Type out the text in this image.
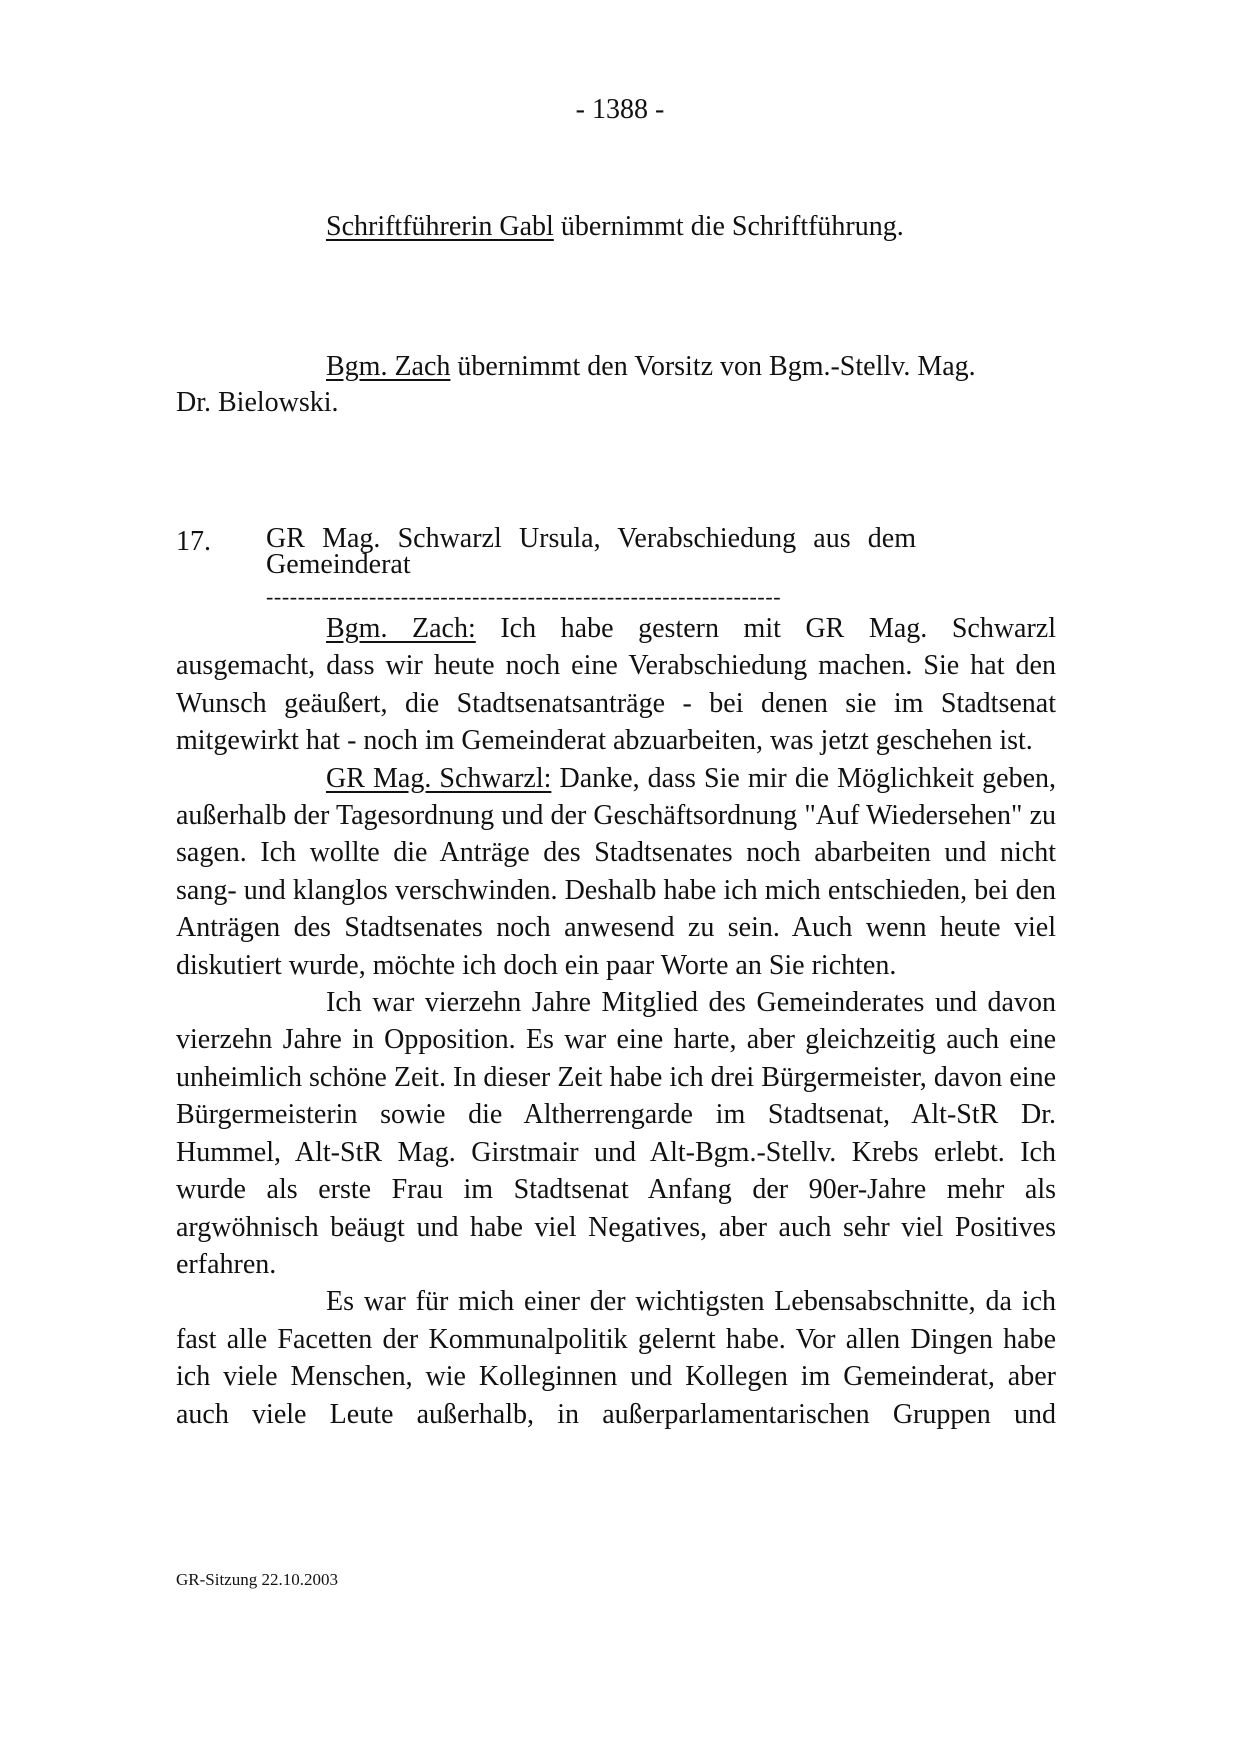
- 1388 -
Schriftführerin Gabl übernimmt die Schriftführung.
Bgm. Zach übernimmt den Vorsitz von Bgm.-Stellv. Mag.
Dr. Bielowski.
17. GR Mag. Schwarzl Ursula, Verabschiedung aus dem
Gemeinderat
-----------------------------------------------------------------

Bgm. Zach: Ich habe gestern mit GR Mag. Schwarzl ausgemacht, dass wir heute noch eine Verabschiedung machen. Sie hat den Wunsch geäußert, die Stadtsenatsanträge - bei denen sie im Stadtsenat mitgewirkt hat - noch im Gemeinderat abzuarbeiten, was jetzt geschehen ist.

GR Mag. Schwarzl: Danke, dass Sie mir die Möglichkeit geben, außerhalb der Tagesordnung und der Geschäftsordnung "Auf Wiedersehen" zu sagen. Ich wollte die Anträge des Stadtsenates noch abarbeiten und nicht sang- und klanglos verschwinden. Deshalb habe ich mich entschieden, bei den Anträgen des Stadtsenates noch anwesend zu sein. Auch wenn heute viel diskutiert wurde, möchte ich doch ein paar Worte an Sie richten.

Ich war vierzehn Jahre Mitglied des Gemeinderates und davon vierzehn Jahre in Opposition. Es war eine harte, aber gleichzeitig auch eine unheimlich schöne Zeit. In dieser Zeit habe ich drei Bürgermeister, davon eine Bürgermeisterin sowie die Altherrengarde im Stadtsenat, Alt-StR Dr. Hummel, Alt-StR Mag. Girstmair und Alt-Bgm.-Stellv. Krebs erlebt. Ich wurde als erste Frau im Stadtsenat Anfang der 90er-Jahre mehr als argwöhnisch beäugt und habe viel Negatives, aber auch sehr viel Positives erfahren.

Es war für mich einer der wichtigsten Lebensabschnitte, da ich fast alle Facetten der Kommunalpolitik gelernt habe. Vor allen Dingen habe ich viele Menschen, wie Kolleginnen und Kollegen im Gemeinderat, aber auch viele Leute außerhalb, in außerparlamentarischen Gruppen und

GR-Sitzung 22.10.2003
